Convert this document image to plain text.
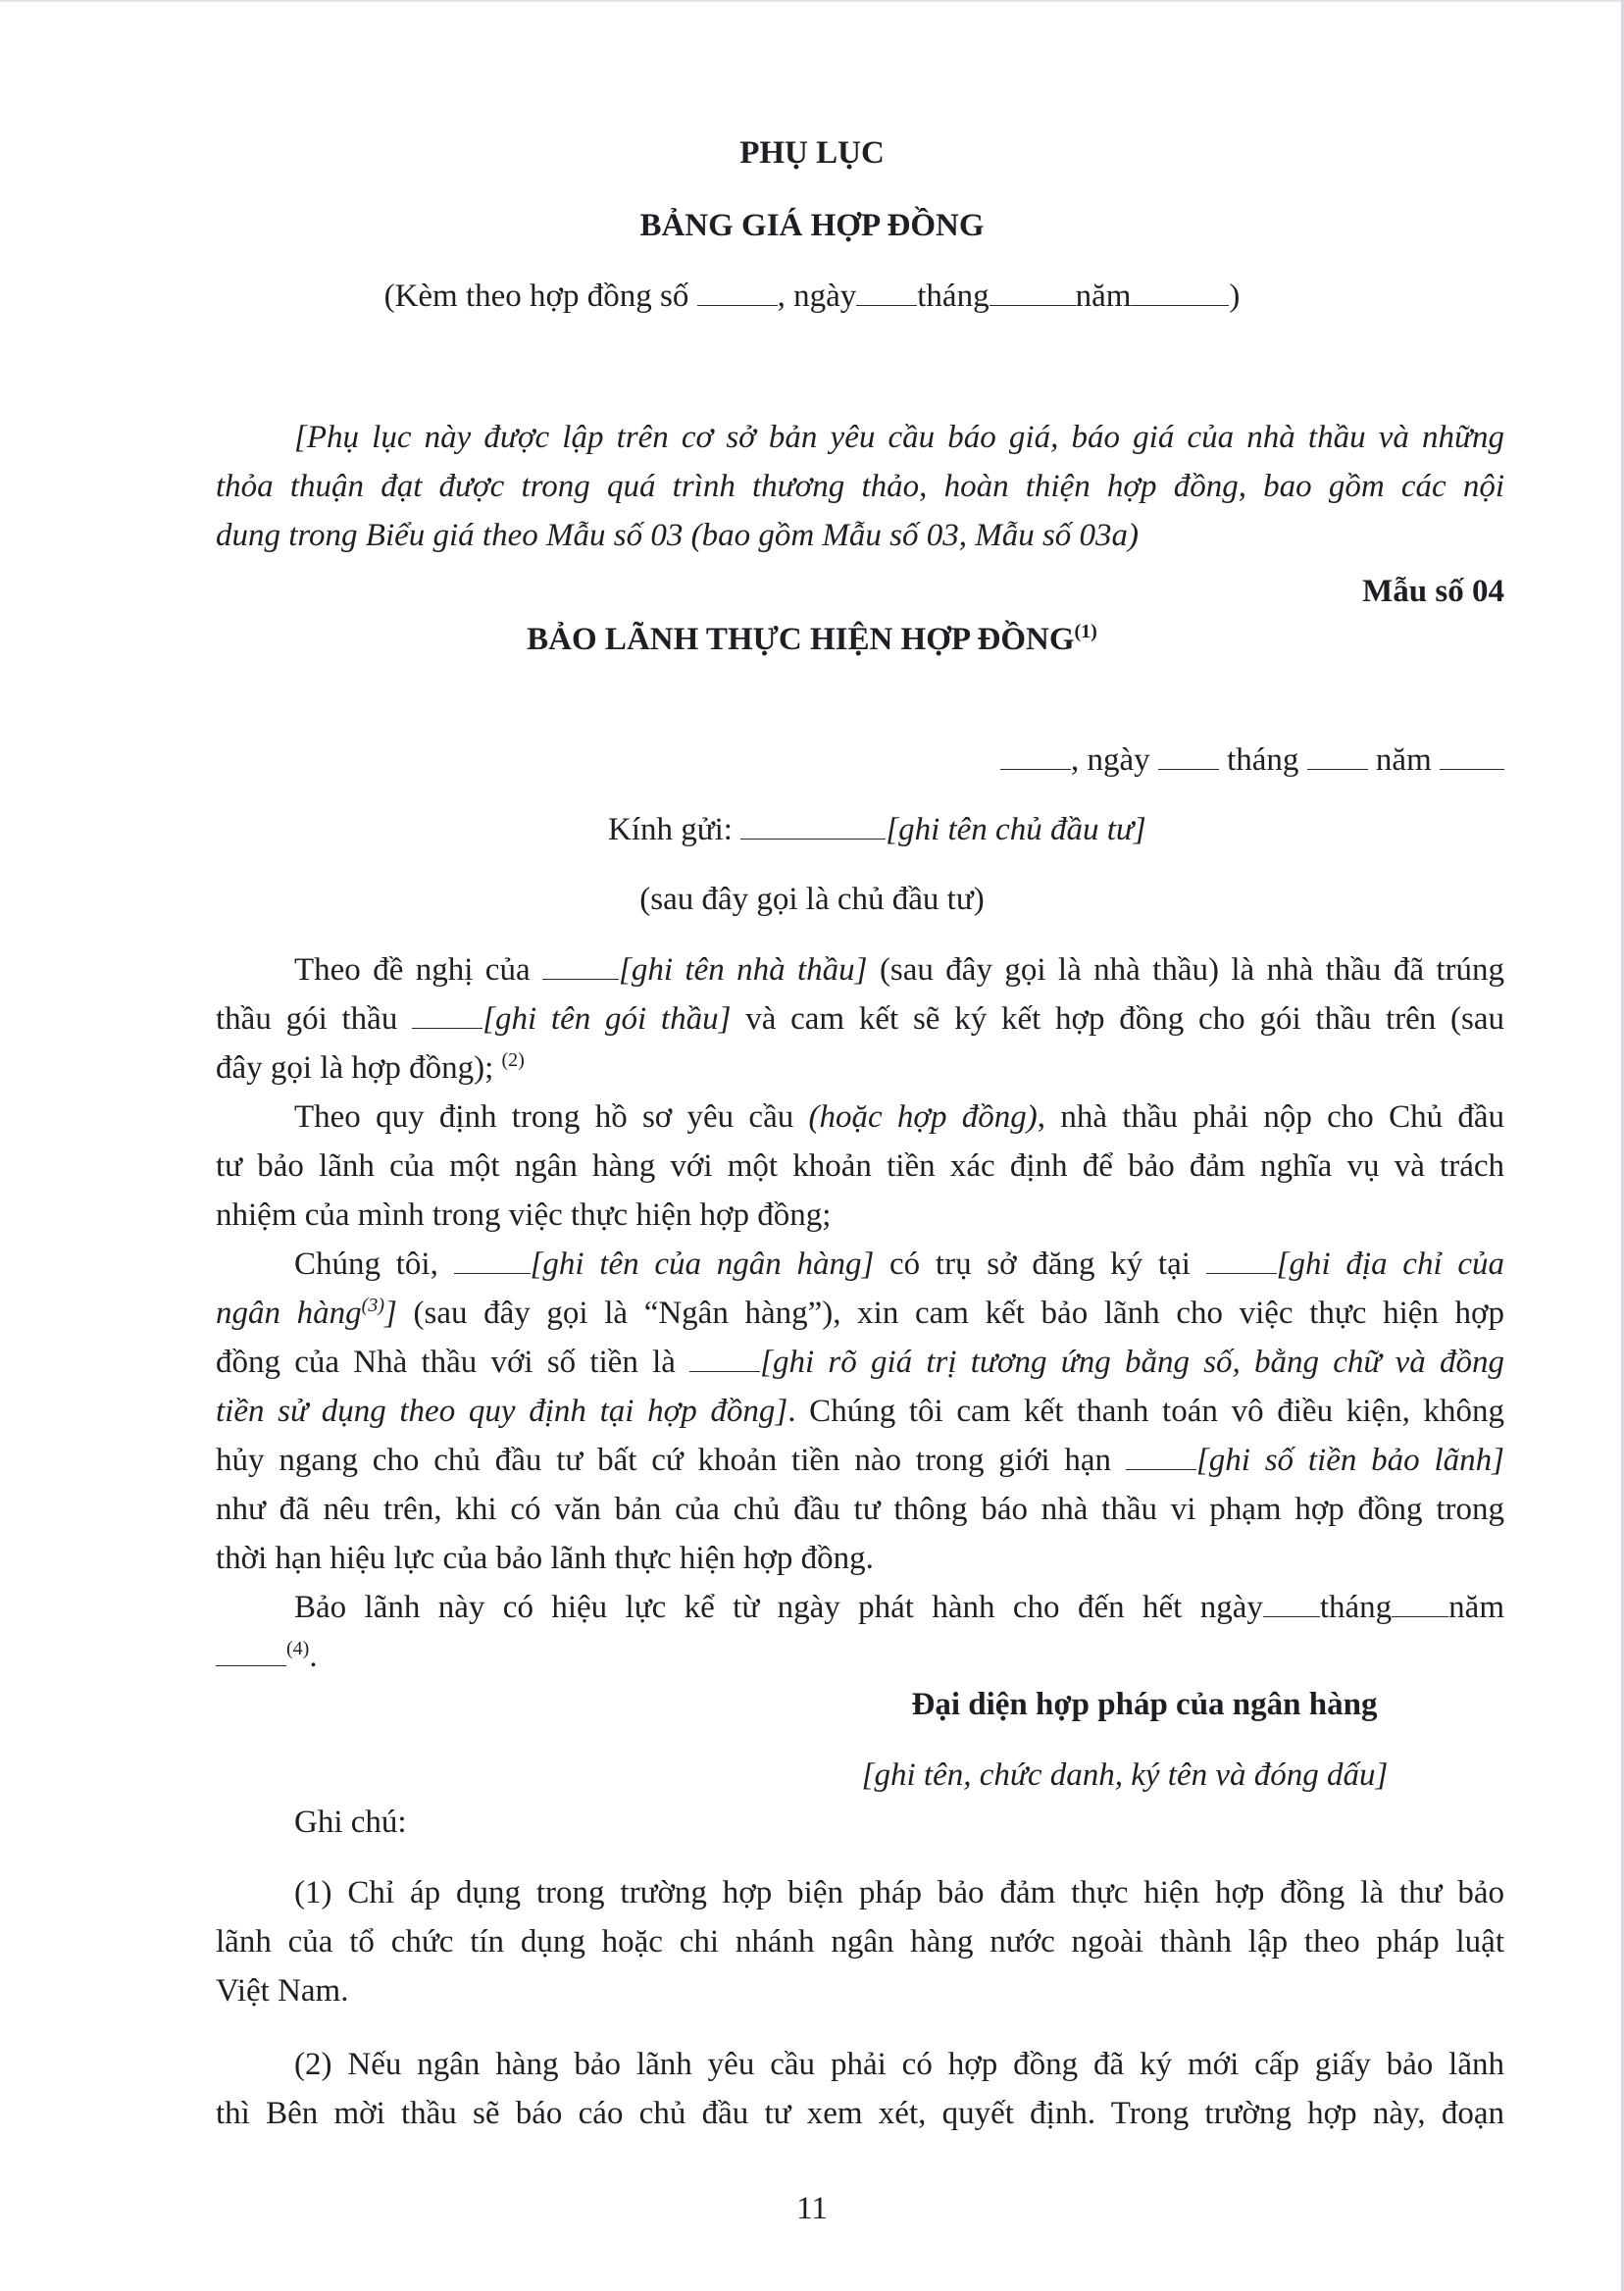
PHỤ LỤC
BẢNG GIÁ HỢP ĐỒNG
(Kèm theo hợp đồng số	, ngày tháng	năm	)
[Phụ lục này được lập trên cơ sở bản yêu cầu báo giá, báo giá của nhà thầu và những
thỏa thuận đạt được trong quá trình thương thảo, hoàn thiện hợp đồng, bao gồm các nội
dung trong Biểu giá theo Mẫu số 03 (bao gồm Mẫu số 03, Mẫu số 03a)
Mẫu số 04
BẢO LÃNH THỰC HIỆN HỢP ĐỒNG$^{(1)}$
, ngày tháng năm
Kính gửi:	[ghi tên chủ đầu tư]
(sau đây gọi là chủ đầu tư)
Theo đề nghị của	[ghi tên nhà thầu] (sau đây gọi là nhà thầu) là nhà thầu đã trúng
thầu gói thầu	[ghi tên gói thầu] và cam kết sẽ ký kết hợp đồng cho gói thầu trên (sau
đây gọi là hợp đồng); $^{(2)}$
Theo quy định trong hồ sơ yêu cầu (hoặc hợp đồng), nhà thầu phải nộp cho Chủ đầu
tư bảo lãnh của một ngân hàng với một khoản tiền xác định để bảo đảm nghĩa vụ và trách
nhiệm của mình trong việc thực hiện hợp đồng;
Chúng tôi,	[ghi tên của ngân hàng] có trụ sở đăng ký tại	[ghi địa chỉ của
ngân hàng$^{(3)}$] (sau đây gọi là “Ngân hàng”), xin cam kết bảo lãnh cho việc thực hiện hợp
đồng của Nhà thầu với số tiền là	[ghi rõ giá trị tương ứng bằng số, bằng chữ và đồng
tiền sử dụng theo quy định tại hợp đồng]. Chúng tôi cam kết thanh toán vô điều kiện, không
hủy ngang cho chủ đầu tư bất cứ khoản tiền nào trong giới hạn	[ghi số tiền bảo lãnh]
như đã nêu trên, khi có văn bản của chủ đầu tư thông báo nhà thầu vi phạm hợp đồng trong
thời hạn hiệu lực của bảo lãnh thực hiện hợp đồng.
Bảo lãnh này có hiệu lực kể từ ngày phát hành cho đến hết ngày tháng năm
$^{(4)}$.
Đại diện hợp pháp của ngân hàng
[ghi tên, chức danh, ký tên và đóng dấu]
Ghi chú:
(1) Chỉ áp dụng trong trường hợp biện pháp bảo đảm thực hiện hợp đồng là thư bảo
lãnh của tổ chức tín dụng hoặc chi nhánh ngân hàng nước ngoài thành lập theo pháp luật
Việt Nam.
(2) Nếu ngân hàng bảo lãnh yêu cầu phải có hợp đồng đã ký mới cấp giấy bảo lãnh
thì Bên mời thầu sẽ báo cáo chủ đầu tư xem xét, quyết định. Trong trường hợp này, đoạn
11
